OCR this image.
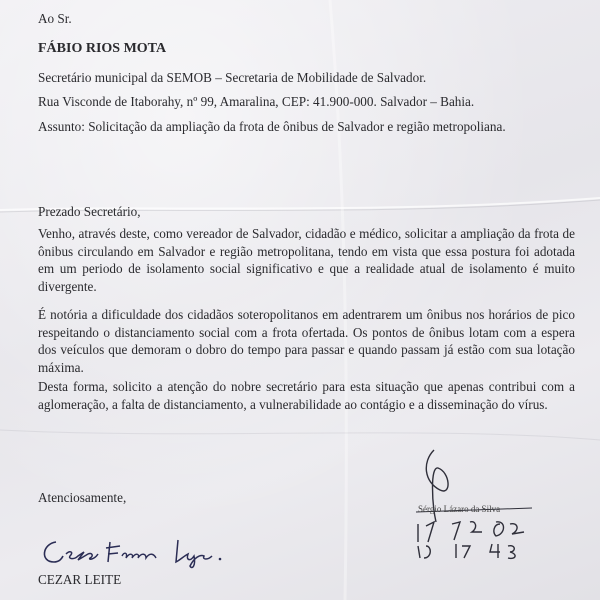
Ao Sr.
FÁBIO RIOS MOTA
Secretário municipal da SEMOB – Secretaria de Mobilidade de Salvador.
Rua Visconde de Itaborahy, nº 99, Amaralina, CEP: 41.900-000. Salvador – Bahia.
Assunto: Solicitação da ampliação da frota de ônibus de Salvador e região metropoliana.
Prezado Secretário,
Venho, através deste, como vereador de Salvador, cidadão e médico, solicitar a ampliação da frota de ônibus circulando em Salvador e região metropolitana, tendo em vista que essa postura foi adotada em um periodo de isolamento social significativo e que a realidade atual de isolamento é muito divergente.
É notória a dificuldade dos cidadãos soteropolitanos em adentrarem um ônibus nos horários de pico respeitando o distanciamento social com a frota ofertada. Os pontos de ônibus lotam com a espera dos veículos que demoram o dobro do tempo para passar e quando passam já estão com sua lotação máxima.
Desta forma, solicito a atenção do nobre secretário para esta situação que apenas contribui com a aglomeração, a falta de distanciamento, a vulnerabilidade ao contágio e a disseminação do vírus.
Atenciosamente,
CEZAR LEITE
Sérgio Lázaro da Silva
